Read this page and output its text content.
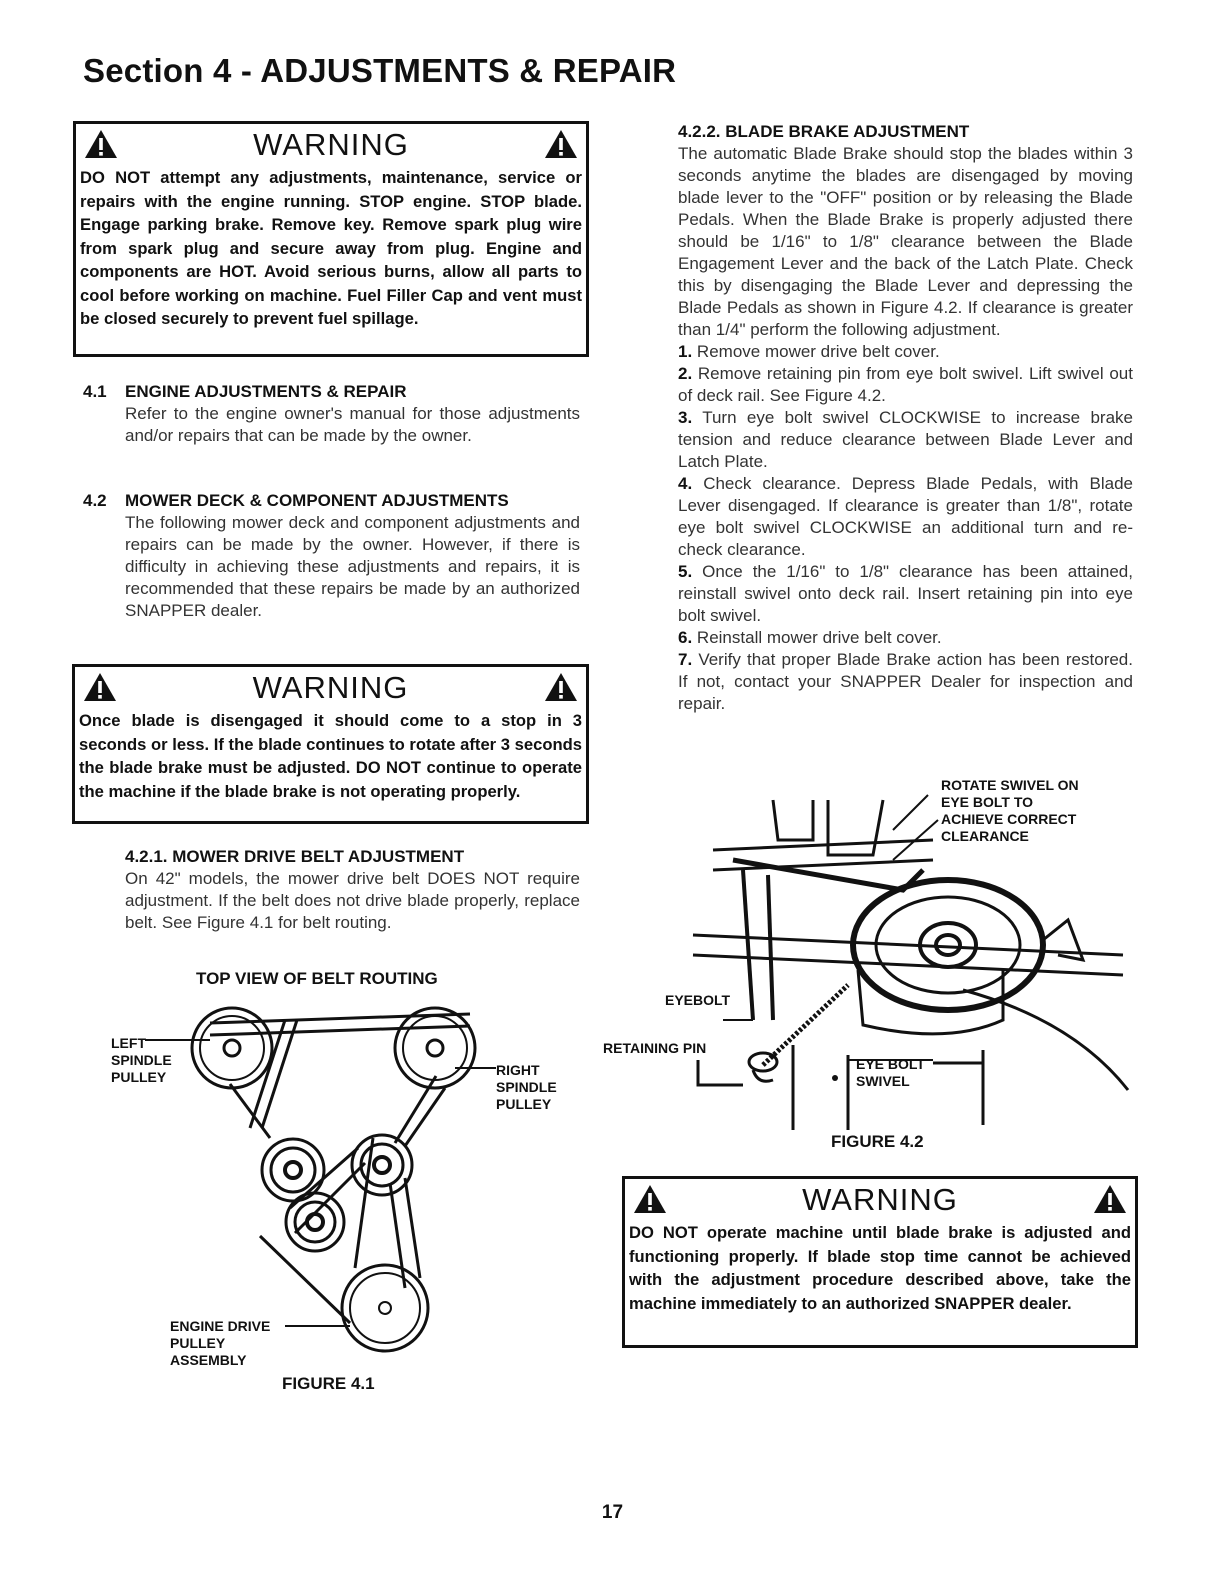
Section 4 - ADJUSTMENTS & REPAIR
WARNING
DO NOT attempt any adjustments, maintenance, service or repairs with the engine running. STOP engine. STOP blade. Engage parking brake. Remove key. Remove spark plug wire from spark plug and secure away from plug. Engine and components are HOT. Avoid serious burns, allow all parts to cool before working on machine. Fuel Filler Cap and vent must be closed securely to prevent fuel spillage.
4.1 ENGINE ADJUSTMENTS & REPAIR

Refer to the engine owner's manual for those adjustments and/or repairs that can be made by the owner.

4.2 MOWER DECK & COMPONENT ADJUSTMENTS

The following mower deck and component adjustments and repairs can be made by the owner. However, if there is difficulty in achieving these adjustments and repairs, it is recommended that these repairs be made by an authorized SNAPPER dealer.

WARNING
Once blade is disengaged it should come to a stop in 3 seconds or less. If the blade continues to rotate after 3 seconds the blade brake must be adjusted. DO NOT continue to operate the machine if the blade brake is not operating properly.
4.2.1. MOWER DRIVE BELT ADJUSTMENT
On 42" models, the mower drive belt DOES NOT require adjustment. If the belt does not drive blade properly, replace belt. See Figure 4.1 for belt routing.
TOP VIEW OF BELT ROUTING
LEFT
SPINDLE
PULLEY	RIGHT
SPINDLE
PULLEY
ENGINE DRIVE
PULLEY
ASSEMBLY
FIGURE 4.1
4.2.2. BLADE BRAKE ADJUSTMENT
The automatic Blade Brake should stop the blades within 3 seconds anytime the blades are disengaged by moving blade lever to the "OFF" position or by releasing the Blade Pedals. When the Blade Brake is properly adjusted there should be 1/16" to 1/8" clearance between the Blade Engagement Lever and the back of the Latch Plate. Check this by disengaging the Blade Lever and depressing the Blade Pedals as shown in Figure 4.2. If clearance is greater than 1/4" perform the following adjustment.
1. Remove mower drive belt cover.
2. Remove retaining pin from eye bolt swivel. Lift swivel out of deck rail. See Figure 4.2.
3. Turn eye bolt swivel CLOCKWISE to increase brake tension and reduce clearance between Blade Lever and Latch Plate.
4. Check clearance. Depress Blade Pedals, with Blade Lever disengaged. If clearance is greater than 1/8", rotate eye bolt swivel CLOCKWISE an additional turn and re-check clearance.
5. Once the 1/16" to 1/8" clearance has been attained, reinstall swivel onto deck rail. Insert retaining pin into eye bolt swivel.
6. Reinstall mower drive belt cover.
7. Verify that proper Blade Brake action has been restored. If not, contact your SNAPPER Dealer for inspection and repair.
ROTATE SWIVEL ON
EYE BOLT TO
ACHIEVE CORRECT
CLEARANCE
EYEBOLT
RETAINING PIN
EYE BOLT
SWIVEL
FIGURE 4.2
WARNING
DO NOT operate machine until blade brake is adjusted and functioning properly. If blade stop time cannot be achieved with the adjustment procedure described above, take the machine immediately to an authorized SNAPPER dealer.
17
